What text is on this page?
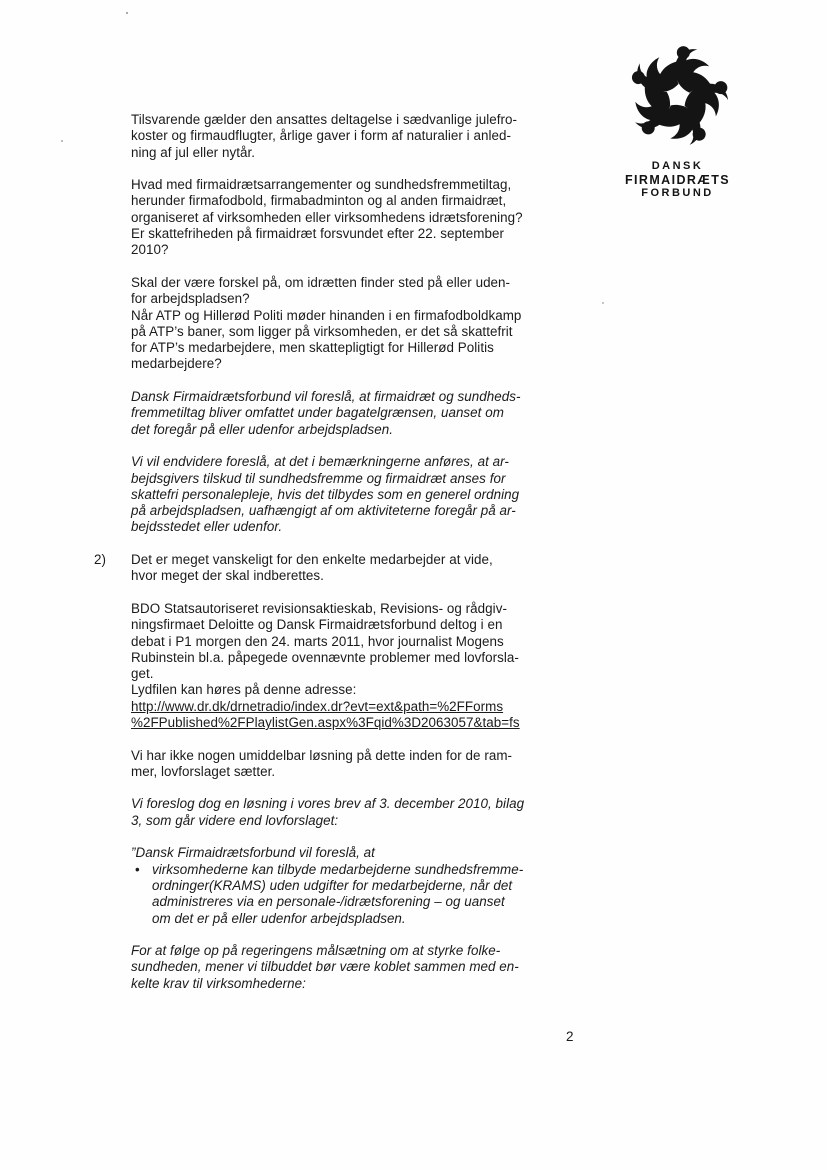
DANSK
FIRMAIDRÆTS
FORBUND

Tilsvarende gælder den ansattes deltagelse i sædvanlige julefro-
koster og firmaudflugter, årlige gaver i form af naturalier i anled-
ning af jul eller nytår.

Hvad med firmaidrætsarrangementer og sundhedsfremmetiltag,
herunder firmafodbold, firmabadminton og al anden firmaidræt,
organiseret af virksomheden eller virksomhedens idrætsforening?
Er skattefriheden på firmaidræt forsvundet efter 22. september
2010?

Skal der være forskel på, om idrætten finder sted på eller uden-
for arbejdspladsen?
Når ATP og Hillerød Politi møder hinanden i en firmafodboldkamp
på ATP’s baner, som ligger på virksomheden, er det så skattefrit
for ATP’s medarbejdere, men skattepligtigt for Hillerød Politis
medarbejdere?

Dansk Firmaidrætsforbund vil foreslå, at firmaidræt og sundheds-
fremmetiltag bliver omfattet under bagatelgrænsen, uanset om
det foregår på eller udenfor arbejdspladsen.

Vi vil endvidere foreslå, at det i bemærkningerne anføres, at ar-
bejdsgivers tilskud til sundhedsfremme og firmaidræt anses for
skattefri personalepleje, hvis det tilbydes som en generel ordning
på arbejdspladsen, uafhængigt af om aktiviteterne foregår på ar-
bejdsstedet eller udenfor.

2) Det er meget vanskeligt for den enkelte medarbejder at vide,
hvor meget der skal indberettes.

BDO Statsautoriseret revisionsaktieskab, Revisions- og rådgiv-
ningsfirmaet Deloitte og Dansk Firmaidrætsforbund deltog i en
debat i P1 morgen den 24. marts 2011, hvor journalist Mogens
Rubinstein bl.a. påpegede ovennævnte problemer med lovforsla-
get.
Lydfilen kan høres på denne adresse:

http://www.dr.dk/drnetradio/index.dr?evt=ext&path=%2FForms
%2FPublished%2FPlaylistGen.aspx%3Fqid%3D2063057&tab=fs

Vi har ikke nogen umiddelbar løsning på dette inden for de ram-
mer, lovforslaget sætter.

Vi foreslog dog en løsning i vores brev af 3. december 2010, bilag
3, som går videre end lovforslaget:

”Dansk Firmaidrætsforbund vil foreslå, at

• virksomhederne kan tilbyde medarbejderne sundhedsfremme-
ordninger(KRAMS) uden udgifter for medarbejderne, når det
administreres via en personale-/idrætsforening – og uanset
om det er på eller udenfor arbejdspladsen.

For at følge op på regeringens målsætning om at styrke folke-
sundheden, mener vi tilbuddet bør være koblet sammen med en-
kelte krav til virksomhederne:

2
